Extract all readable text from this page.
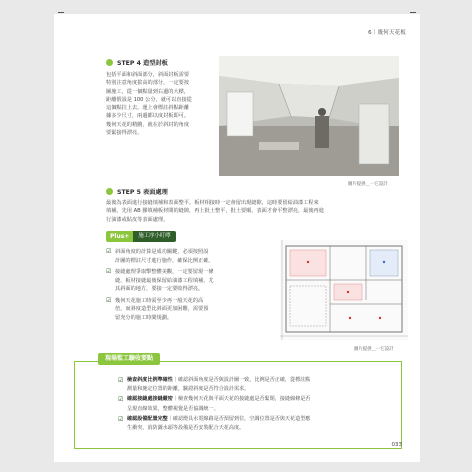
6｜幾何天花板
STEP 4 造型封板
包括平面和斜面部分，斜面封板需要
特別注意角度拔高的部分，一定要按
圖施工，從一個點量到右邊的大樑，
距離假設是 100 公分，就可以直接從
這個點拉上去。運上會標註斜點距離
據多少尺寸，兩邊都以度封板即可。
幾何天花的精髓，就在於斜封的角度
要緊接得漂亮。
圖片提供＿一它設計
STEP 5 表面處理
最後為表面進行接縫填補和表面整平。板材相接時一定會留出現縫隙，這時要留給油漆工程來
填補。先用 AB 膠填補板材間的縫隙，再上批土整平，批土要順，表面才會平整漂亮，最後再進
行油漆或貼皮等表面處理。
Plus+	施工序小叮嚀
☑ 斜面角度的計算是成功關鍵，必須按照設
計圖的標註尺寸進行施作，確保比例正確。
☑ 接縫處理爭取擊整體美觀，一定要留現一條
縫，板材接縫最後保留給油漆工程填補。尤
其斜面的地方，要接一定要收得漂亮。
☑ 幾何天花施工時需至少再一般天花的高
倍，而斜度造型比斜面更加困難，需要預
留充分的施工時間規劃。
圖片提供＿一它設計
現場監工驗收要點
☑ 檢查斜度比例準確性｜確認斜面角度是否與設計圖一致，比例是否正確，從標註點
測量和施定位置的距離，驗證斜度是否符合設計需求。
☑ 確認接縫處接縫嚴密｜檢查幾何天花與平面天花的接縫處是否緊閉，接縫線條是否
呈現直線效果，整體視覺是否協調統一。
☑ 確認設備配置完整｜確認燈具水電線路是否預留到位，空調位置是否與天花造型應
生衝突，消防灑水頭等設備是否安裝配合天花高度。
033
